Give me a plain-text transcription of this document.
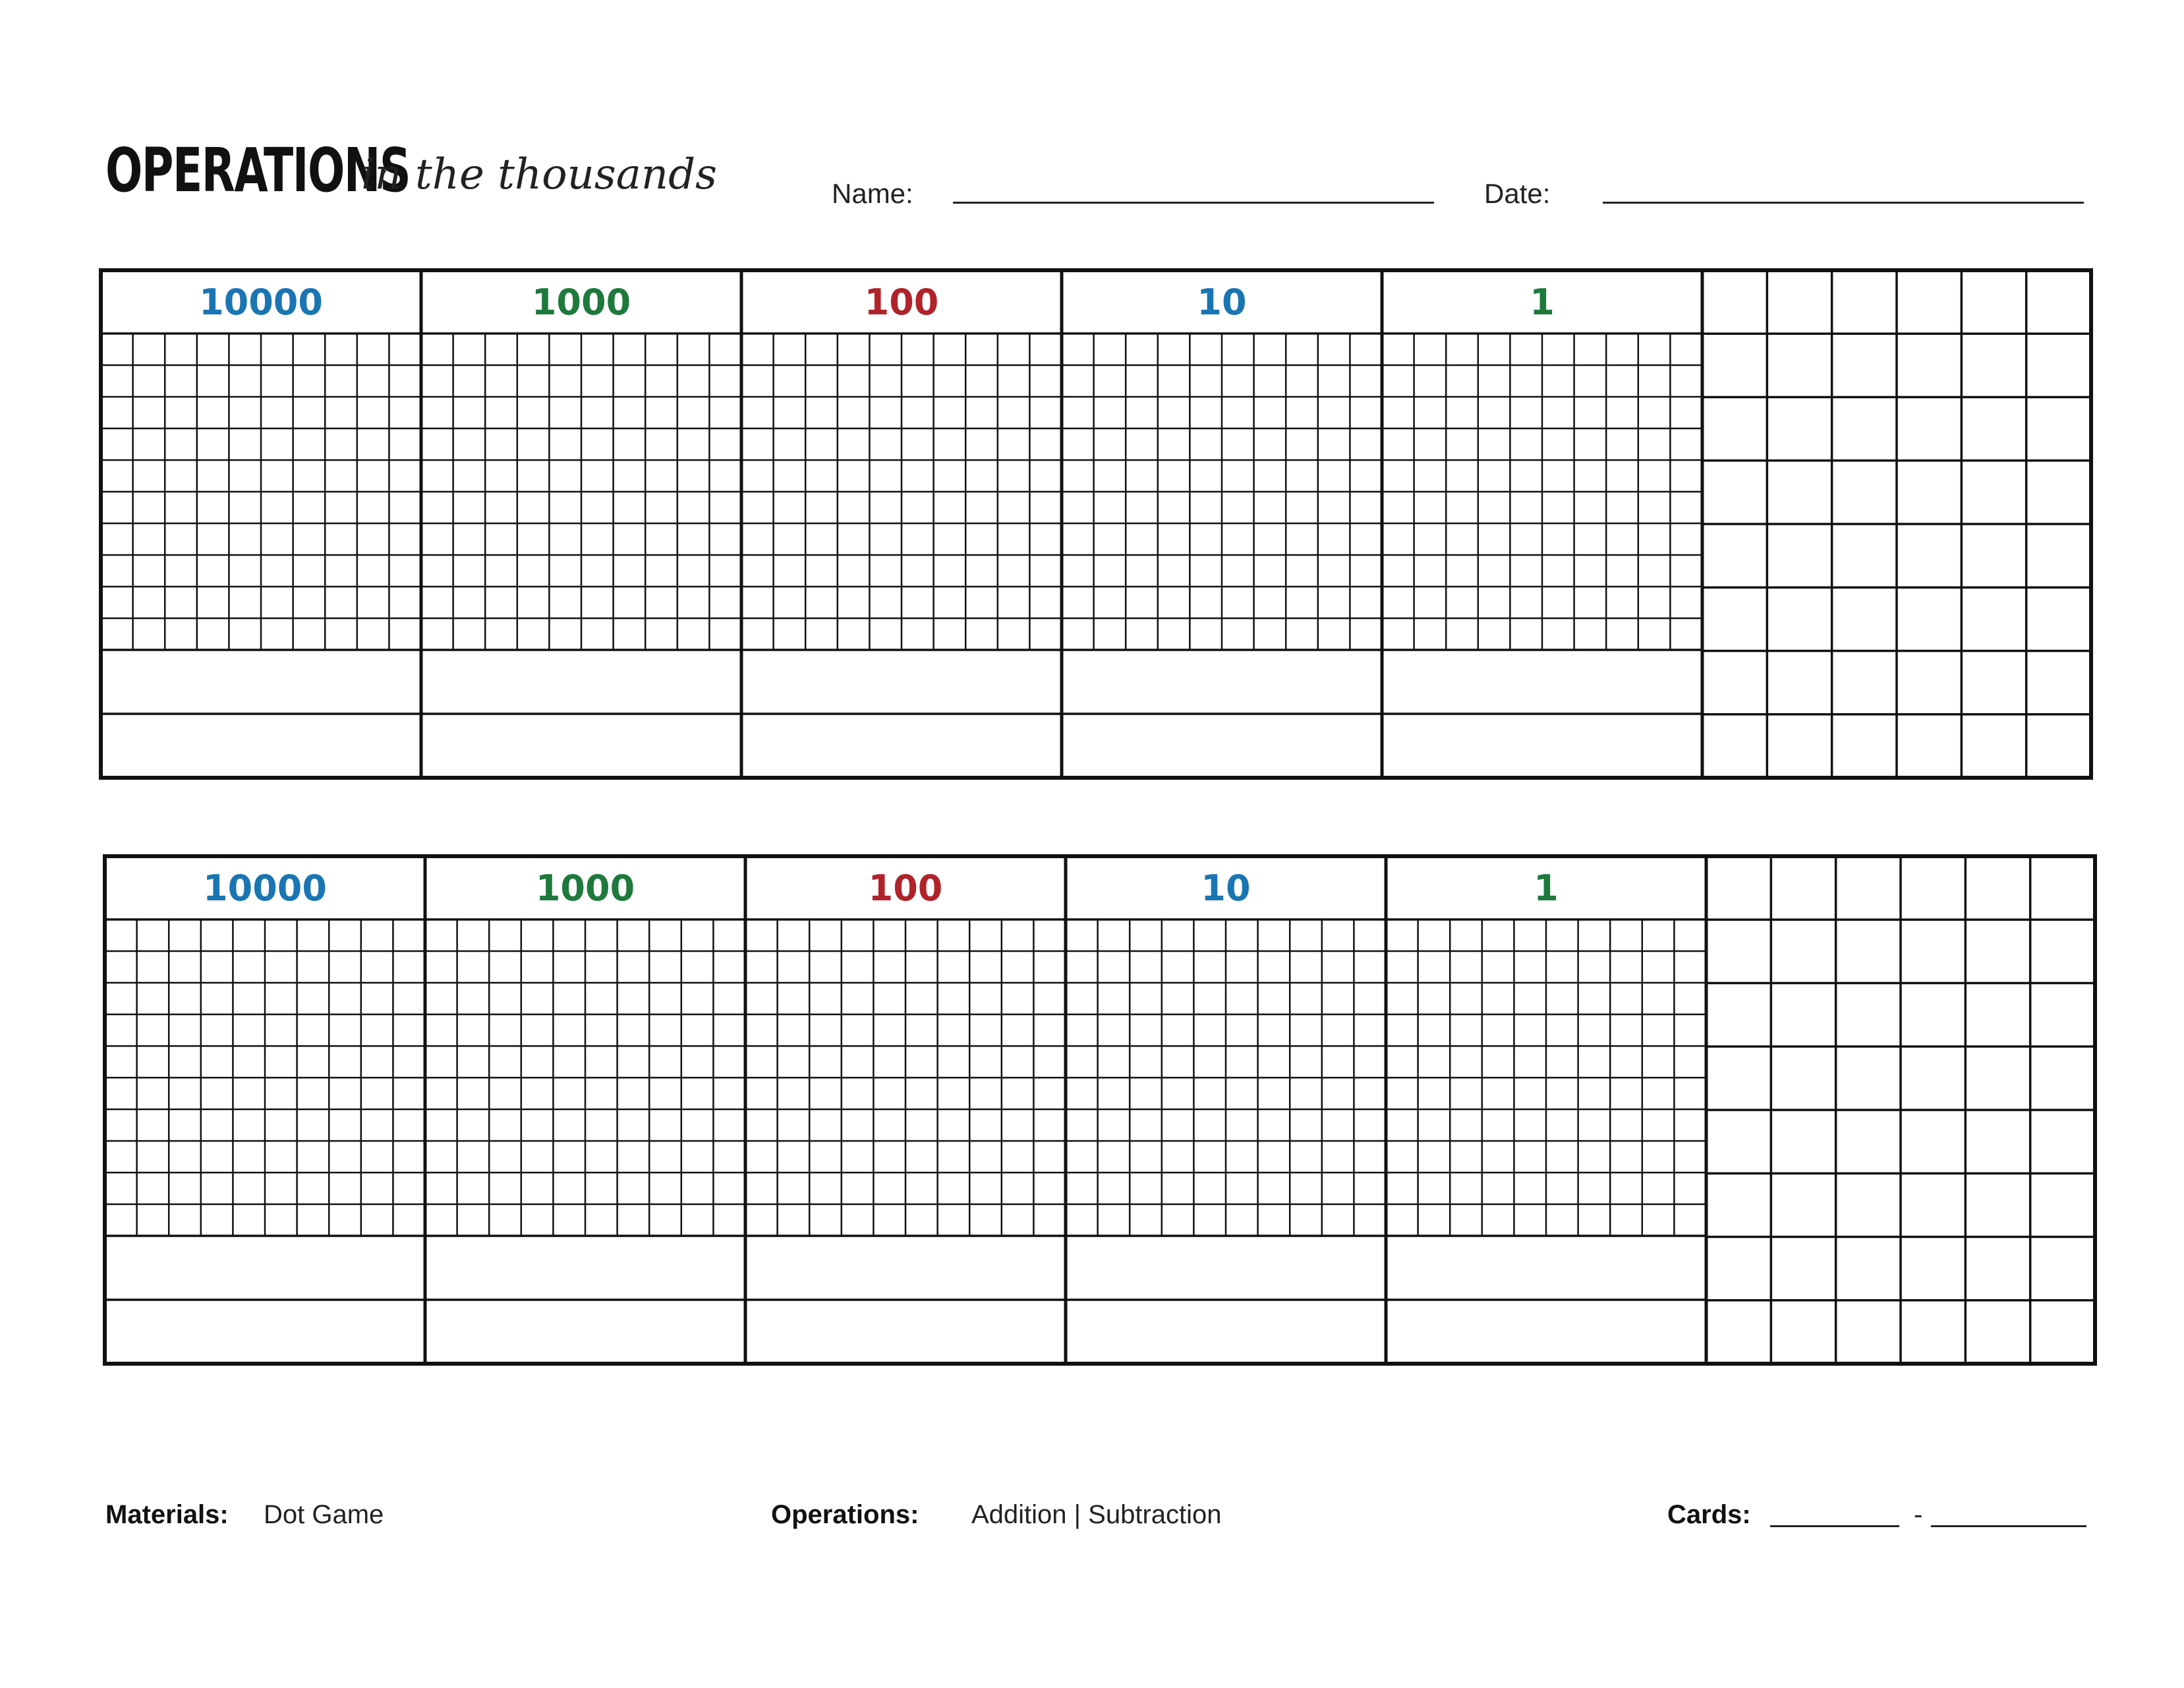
OPERATIONS
in the thousands	Name:	Date:
10000	1000	100	10	1
10000	1000	100	10	1
Materials: Dot Game	Operations: Addition | Subtraction	Cards:	-
